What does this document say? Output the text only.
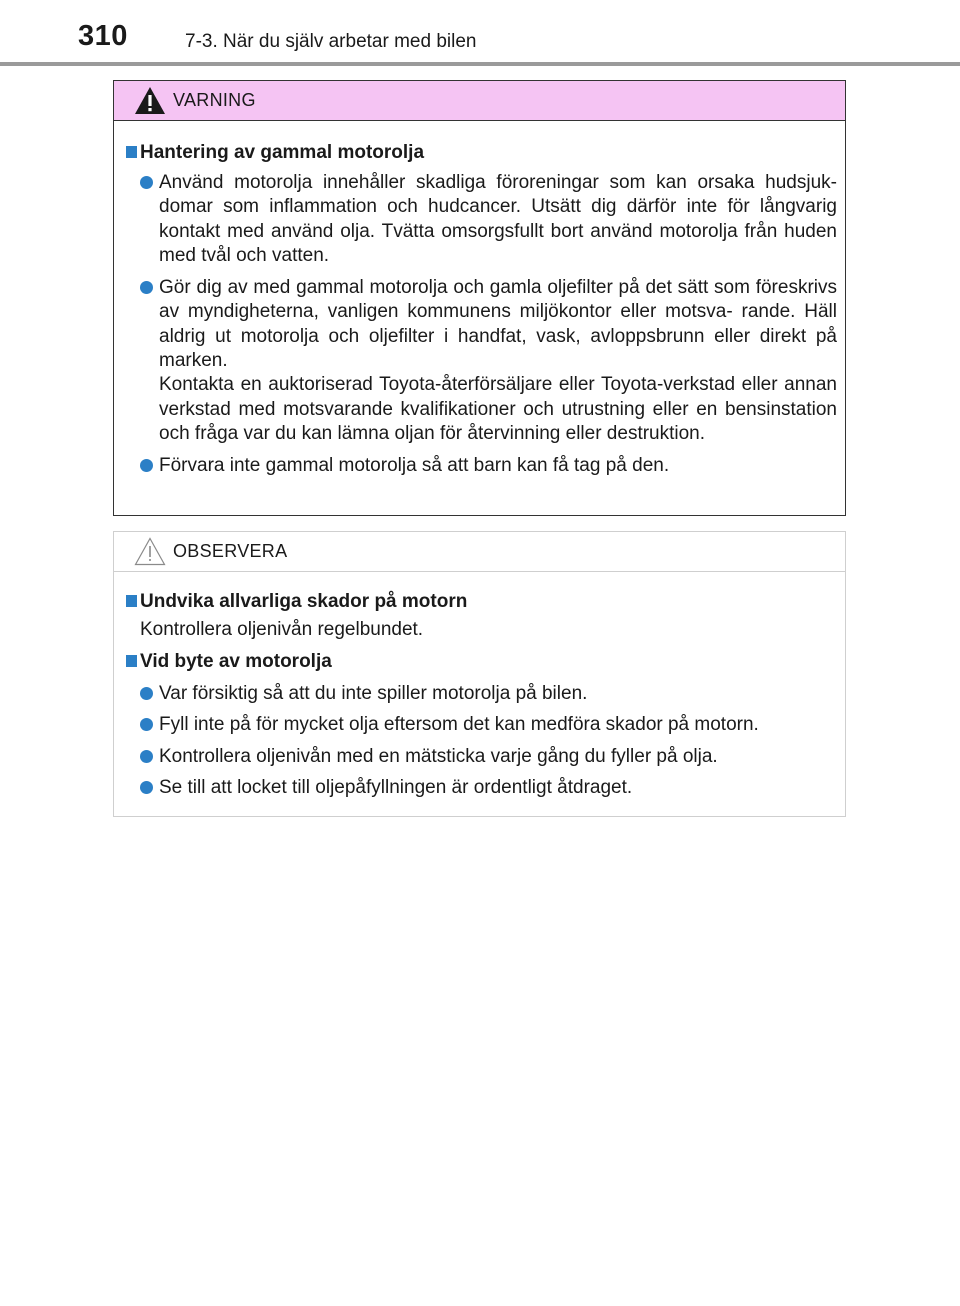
310	7-3. När du själv arbetar med bilen
VARNING
Hantering av gammal motorolja

Använd motorolja innehåller skadliga föroreningar som kan orsaka hudsjuk- domar som inflammation och hudcancer. Utsätt dig därför inte för långvarig kontakt med använd olja. Tvätta omsorgsfullt bort använd motorolja från huden med tvål och vatten.

Gör dig av med gammal motorolja och gamla oljefilter på det sätt som föreskrivs av myndigheterna, vanligen kommunens miljökontor eller motsva- rande. Häll aldrig ut motorolja och oljefilter i handfat, vask, avloppsbrunn eller direkt på marken.

Kontakta en auktoriserad Toyota-återförsäljare eller Toyota-verkstad eller annan verkstad med motsvarande kvalifikationer och utrustning eller en bensinstation och fråga var du kan lämna oljan för återvinning eller destruktion.

Förvara inte gammal motorolja så att barn kan få tag på den.

OBSERVERA
Undvika allvarliga skador på motorn
Kontrollera oljenivån regelbundet.
Vid byte av motorolja

Var försiktig så att du inte spiller motorolja på bilen.

Fyll inte på för mycket olja eftersom det kan medföra skador på motorn.

Kontrollera oljenivån med en mätsticka varje gång du fyller på olja.

Se till att locket till oljepåfyllningen är ordentligt åtdraget.
